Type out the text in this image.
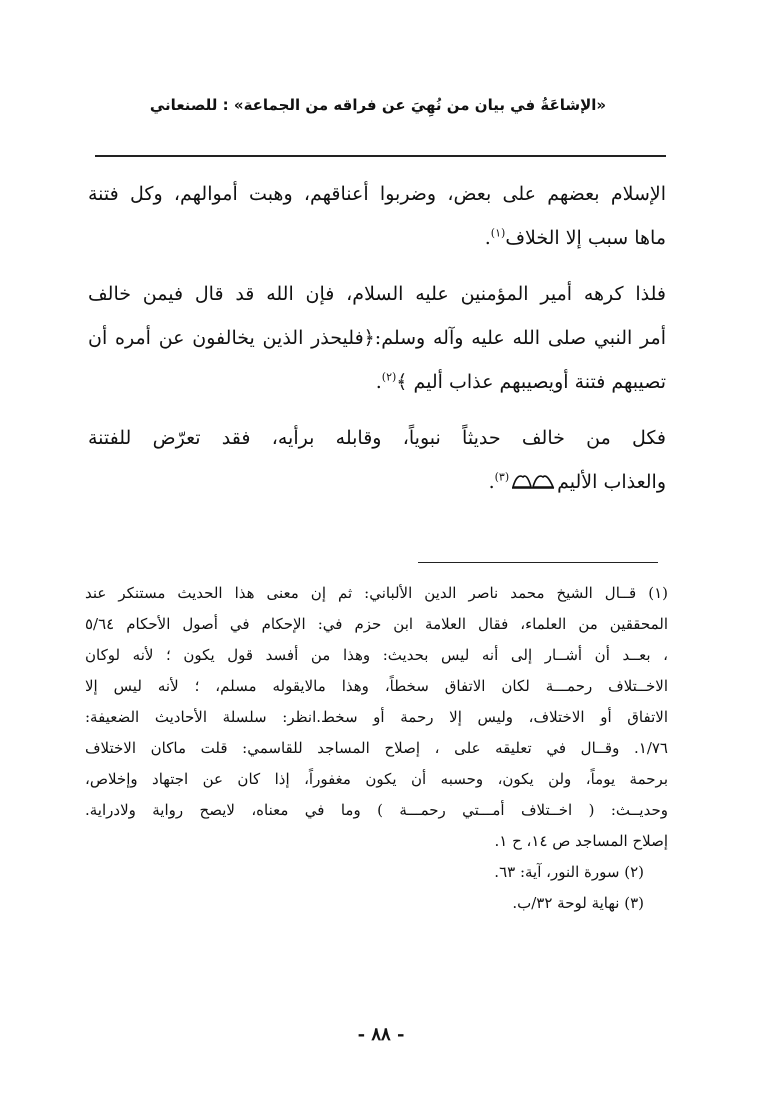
«الإشاعَةُ في بيان من نُهِيَ عن فراقه من الجماعة» : للصنعاني
الإسلام بعضهم على بعض، وضربوا أعناقهم، وهبت أموالهم، وكل فتنة
ماها سبب إلا الخلاف$^{(١)}$.
فلذا كرهه أمير المؤمنين عليه السلام، فإن الله قد قال فيمن خالف
أمر النبي صلى الله عليه وآله وسلم:﴿فليحذر الذين يخالفون عن أمره أن
تصيبهم فتنة أويصيبهم عذاب أليم ﴾$^{(٢)}$.
فكل من خالف حديثاً نبوياً، وقابله برأيه، فقد تعرّض للفتنة
والعذاب الأليم$^{(٣)}$.
(١) قــال الشيخ محمد ناصر الدين الألباني: ثم إن معنى هذا الحديث مستنكر عند
المحققين من العلماء، فقال العلامة ابن حزم في: الإحكام في أصول الأحكام ٥/٦٤
، بعــد أن أشــار إلى أنه ليس بحديث: وهذا من أفسد قول يكون ؛ لأنه لوكان
الاخــتلاف رحمـــة لكان الاتفاق سخطاً، وهذا مالايقوله مسلم، ؛ لأنه ليس إلا
الاتفاق أو الاختلاف، وليس إلا رحمة أو سخط.انظر: سلسلة الأحاديث الضعيفة:
١/٧٦. وقــال في تعليقه على ، إصلاح المساجد للقاسمي: قلت ماكان الاختلاف
برحمة يوماً، ولن يكون، وحسبه أن يكون مغفوراً، إذا كان عن اجتهاد وإخلاص،
وحديــث: ( اخــتلاف أمـــتي رحمـــة ) وما في معناه، لايصح رواية ولادراية.
إصلاح المساجد ص ١٤، ح ١.
(٢) سورة النور، آية: ٦٣.
(٣) نهاية لوحة ٣٢/ب.
- ٨٨ -
